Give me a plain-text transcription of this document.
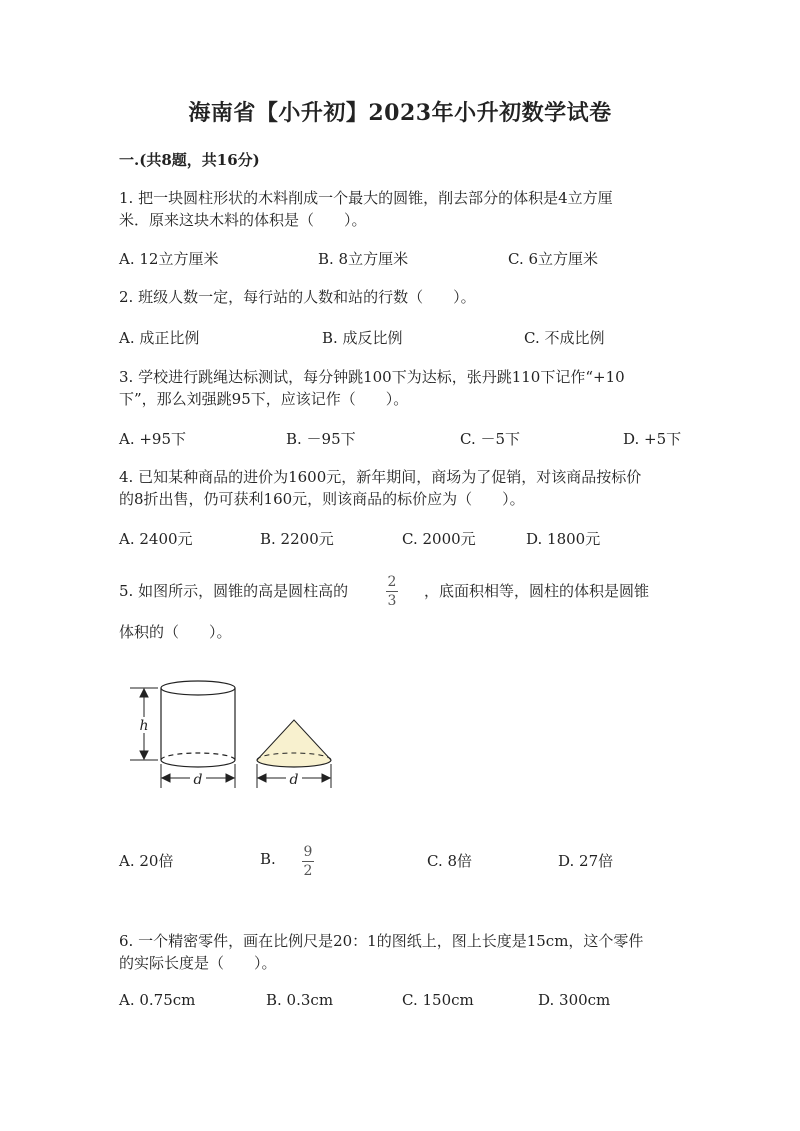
海南省【小升初】2023年小升初数学试卷
一.(共8题，共16分)
1. 把一块圆柱形状的木料削成一个最大的圆锥，削去部分的体积是4立方厘
米．原来这块木料的体积是（　　）。
A. 12立方厘米	B. 8立方厘米	C. 6立方厘米
2. 班级人数一定，每行站的人数和站的行数（　　）。
A. 成正比例	B. 成反比例	C. 不成比例
3. 学校进行跳绳达标测试，每分钟跳100下为达标，张丹跳110下记作“+10
下”，那么刘强跳95下，应该记作（　　）。
A. +95下	B. －95下	C. －5下	D. +5下
4. 已知某种商品的进价为1600元，新年期间，商场为了促销，对该商品按标价
的8折出售，仍可获利160元，则该商品的标价应为（　　）。
A. 2400元	B. 2200元	C. 2000元	D. 1800元
5. 如图所示，圆锥的高是圆柱高的	2
3
，底面积相等，圆柱的体积是圆锥
体积的（　　）。
h
d	d
A. 20倍	B. 9
2
C. 8倍	D. 27倍
6. 一个精密零件，画在比例尺是20：1的图纸上，图上长度是15cm，这个零件
的实际长度是（　　）。
A. 0.75cm	B. 0.3cm	C. 150cm	D. 300cm
